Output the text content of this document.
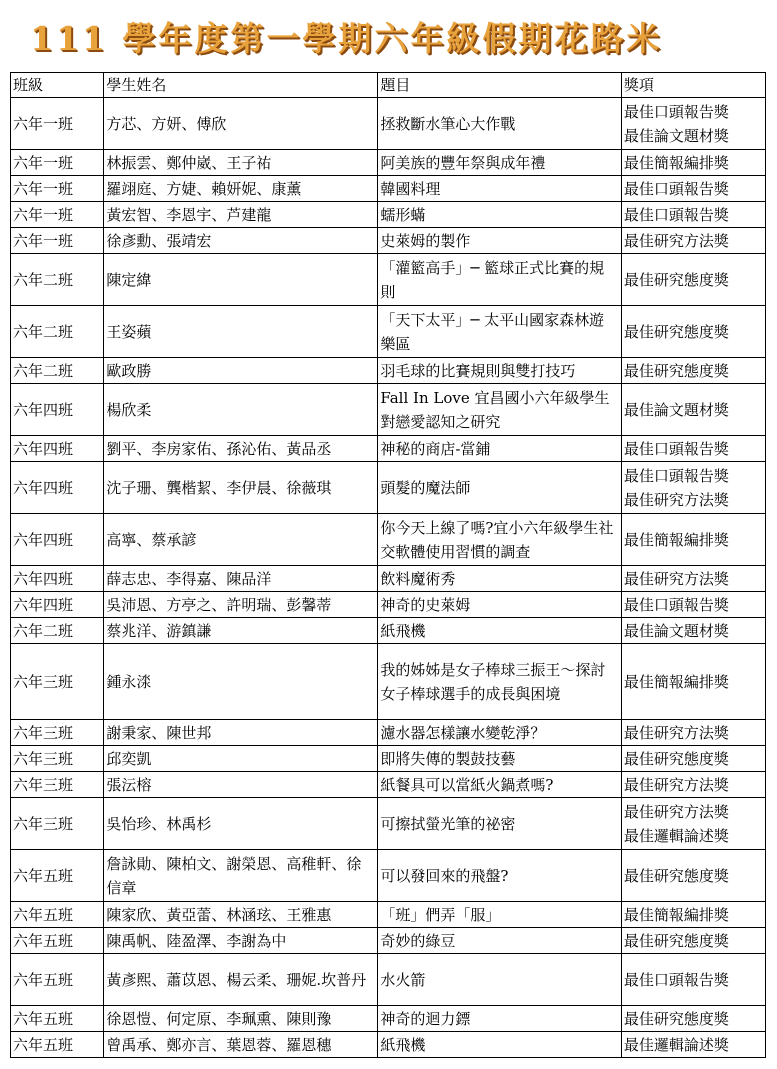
111 學年度第一學期六年級假期花路米
班級	學生姓名	題目	獎項
六年一班	方芯、方妍、傅欣	拯救斷水筆心大作戰	最佳口頭報告獎
最佳論文題材獎

六年一班	林振雲、鄭仲崴、王子祐	阿美族的豐年祭與成年禮	最佳簡報編排獎

六年一班	羅翊庭、方婕、賴妍妮、康薰	韓國料理	最佳口頭報告獎

六年一班	黃宏智、李恩宇、芦建龍	蠕形蟎	最佳口頭報告獎

六年一班	徐彥勳、張靖宏	史萊姆的製作	最佳研究方法獎

六年二班	陳定緯	「灌籃高手」─ 籃球正式比賽的規則	最佳研究態度獎

六年二班	王姿蘋	「天下太平」─ 太平山國家森林遊樂區	最佳研究態度獎

六年二班	歐政勝	羽毛球的比賽規則與雙打技巧	最佳研究態度獎

六年四班	楊欣柔	Fall In Love 宜昌國小六年級學生對戀愛認知之研究	最佳論文題材獎

六年四班	劉平、李房家佑、孫沁佑、黃品丞	神秘的商店-當鋪	最佳口頭報告獎

六年四班	沈子珊、龔楷絜、李伊晨、徐薇琪	頭髮的魔法師	最佳口頭報告獎
最佳研究方法獎

六年四班	高寧、蔡承諺	你今天上線了嗎?宜小六年級學生社交軟體使用習慣的調查	最佳簡報編排獎

六年四班	薛志忠、李得嘉、陳品洋	飲料魔術秀	最佳研究方法獎

六年四班	吳沛恩、方亭之、許明瑞、彭馨蒂	神奇的史萊姆	最佳口頭報告獎

六年二班	蔡兆洋、游鎮謙	紙飛機	最佳論文題材獎

六年三班	鍾永渁	我的姊姊是女子棒球三振王～探討女子棒球選手的成長與困境	最佳簡報編排獎

六年三班	謝秉家、陳世邦	濾水器怎樣讓水變乾淨？	最佳研究方法獎

六年三班	邱奕凱	即將失傳的製鼓技藝	最佳研究態度獎

六年三班	張沄榕	紙餐具可以當紙火鍋煮嗎?	最佳研究方法獎

六年三班	吳怡珍、林禹杉	可擦拭螢光筆的祕密	最佳研究方法獎
最佳邏輯論述獎

六年五班	詹詠勛、陳柏文、謝榮恩、高稚軒、徐信章	可以發回來的飛盤?	最佳研究態度獎

六年五班	陳家欣、黃亞蕾、林涵玹、王雅惠	「班」們弄「服」	最佳簡報編排獎

六年五班	陳禹帆、陸盈澤、李謝為中	奇妙的綠豆	最佳研究態度獎

六年五班	黃彥熙、蕭苡恩、楊云柔、珊妮.坎普丹	水火箭	最佳口頭報告獎

六年五班	徐恩愷、何定原、李珮熏、陳則豫	神奇的迴力鏢	最佳研究態度獎

六年五班	曾禹承、鄭亦言、葉恩蓉、羅恩穗	紙飛機	最佳邏輯論述獎
